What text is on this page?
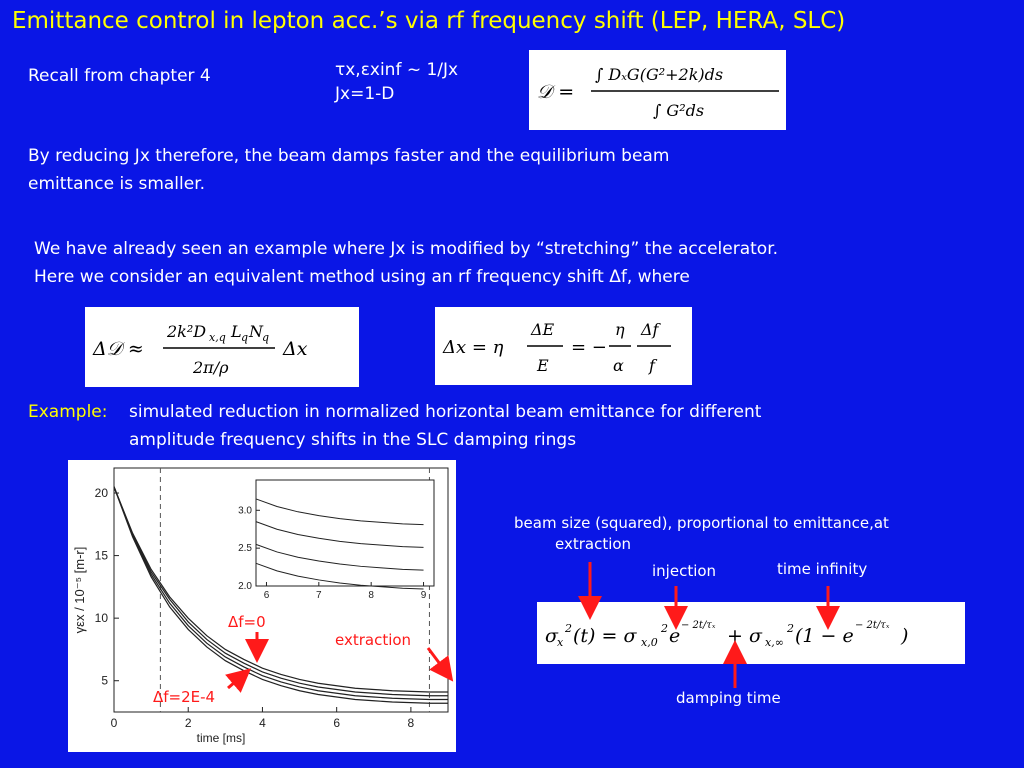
Emittance control in lepton acc.’s via rf frequency shift (LEP, HERA, SLC)
Recall from chapter 4	τx,εxinf ~ 1/Jx
Jx=1-D	𝒟 =
∫ DₓG(G²+2k)ds
∫ G²ds
By reducing Jx therefore, the beam damps faster and the equilibrium beam
emittance is smaller.
We have already seen an example where Jx is modified by “stretching” the accelerator.
Here we consider an equivalent method using an rf frequency shift Δf, where
Δ𝒟 ≈
2k²D x,q L q N q
2π/ρ
Δx	Δx = η
ΔE
E
= −
η
α
Δf
f
Example: simulated reduction in normalized horizontal beam emittance for different
amplitude frequency shifts in the SLC damping rings
0	2	4	6	8
5
10
15
20
time [ms]
γεx / 10⁻⁵ [m-r]	6	7	8	9
2.0
2.5
3.0
Δf=0
Δf=2E-4
extraction
beam size (squared), proportional to emittance,at
extraction
injection	time infinity
damping time
σ x
2 (t) = σ x,0
2 e − 2t/τₓ + σ x,∞
2 (1 − e − 2t/τₓ )
